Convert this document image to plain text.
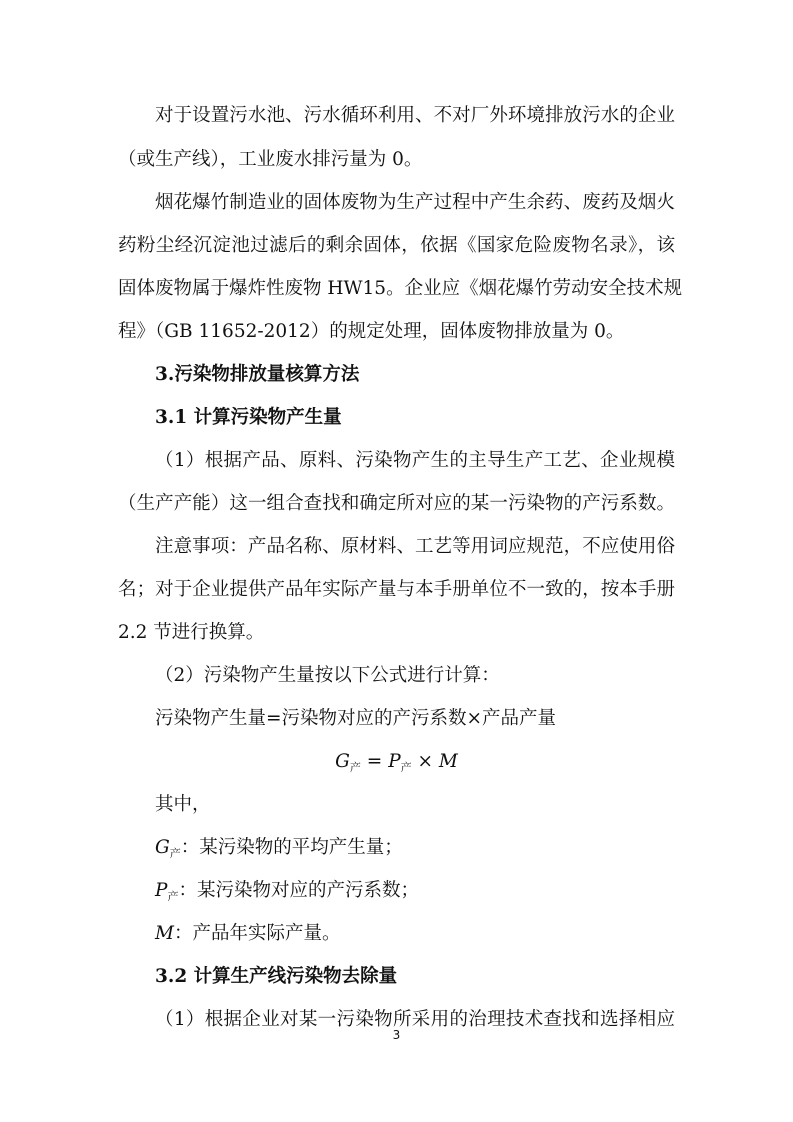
对于设置污水池、污水循环利用、不对厂外环境排放污水的企业
（或生产线），工业废水排污量为 0。
烟花爆竹制造业的固体废物为生产过程中产生余药、废药及烟火
药粉尘经沉淀池过滤后的剩余固体，依据《国家危险废物名录》，该
固体废物属于爆炸性废物 HW15。企业应《烟花爆竹劳动安全技术规
程》（GB 11652-2012）的规定处理，固体废物排放量为 0。
3.污染物排放量核算方法
3.1 计算污染物产生量
（1）根据产品、原料、污染物产生的主导生产工艺、企业规模
（生产产能）这一组合查找和确定所对应的某一污染物的产污系数。
注意事项：产品名称、原材料、工艺等用词应规范，不应使用俗
名；对于企业提供产品年实际产量与本手册单位不一致的，按本手册
2.2 节进行换算。
（2）污染物产生量按以下公式进行计算：
污染物产生量=污染物对应的产污系数×产品产量
$G_产 = P_产 \times M$
其中，
$G_产$：某污染物的平均产生量；
$P_产$：某污染物对应的产污系数；
M：产品年实际产量。
3.2 计算生产线污染物去除量
（1）根据企业对某一污染物所采用的治理技术查找和选择相应
3
